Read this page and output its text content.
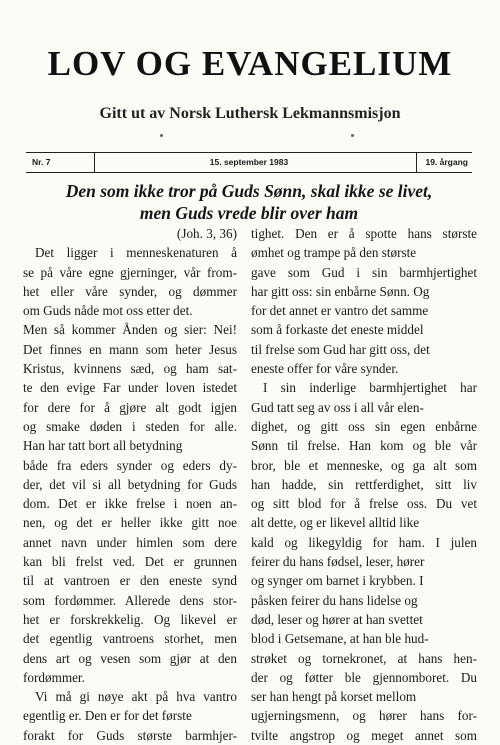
LOV OG EVANGELIUM
Gitt ut av Norsk Luthersk Lekmannsmisjon
Nr. 7	15. september 1983	19. årgang
Den som ikke tror på Guds Sønn, skal ikke se livet,
men Guds vrede blir over ham
(Joh. 3, 36)
Det ligger i menneskenaturen å
se på våre egne gjerninger, vår from-
het eller våre synder, og dømmer
om Guds nåde mot oss etter det.
Men så kommer Ånden og sier: Nei!
Det finnes en mann som heter Jesus
Kristus, kvinnens sæd, og ham sat-
te den evige Far under loven istedet
for dere for å gjøre alt godt igjen
og smake døden i steden for alle.
Han har tatt bort all betydning
både fra eders synder og eders dy-
der, det vil si all betydning for Guds
dom. Det er ikke frelse i noen an-
nen, og det er heller ikke gitt noe
annet navn under himlen som dere
kan bli frelst ved. Det er grunnen
til at vantroen er den eneste synd
som fordømmer. Allerede dens stor-
het er forskrekkelig. Og likevel er
det egentlig vantroens storhet, men
dens art og vesen som gjør at den
fordømmer.
Vi må gi nøye akt på hva vantro
egentlig er. Den er for det første
forakt for Guds største barmhjer-
tighet. Den er å spotte hans største
ømhet og trampe på den største
gave som Gud i sin barmhjertighet
har gitt oss: sin enbårne Sønn. Og
for det annet er vantro det samme
som å forkaste det eneste middel
til frelse som Gud har gitt oss, det
eneste offer for våre synder.
I sin inderlige barmhjertighet har
Gud tatt seg av oss i all vår elen-
dighet, og gitt oss sin egen enbårne
Sønn til frelse. Han kom og ble vår
bror, ble et menneske, og ga alt som
han hadde, sin rettferdighet, sitt liv
og sitt blod for å frelse oss. Du vet
alt dette, og er likevel alltid like
kald og likegyldig for ham. I julen
feirer du hans fødsel, leser, hører
og synger om barnet i krybben. I
påsken feirer du hans lidelse og
død, leser og hører at han svettet
blod i Getsemane, at han ble hud-
strøket og tornekronet, at hans hen-
der og føtter ble gjennomboret. Du
ser han hengt på korset mellom
ugjerningsmenn, og hører hans for-
tvilte angstrop og meget annet som
